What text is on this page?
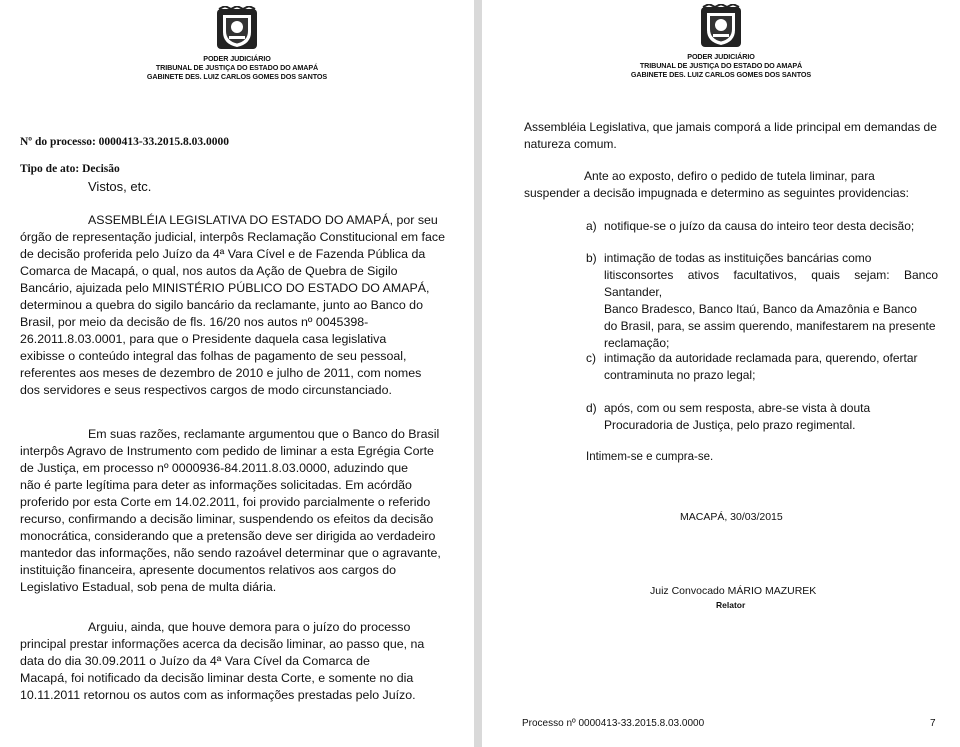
PODER JUDICIÁRIO
TRIBUNAL DE JUSTIÇA DO ESTADO DO AMAPÁ
GABINETE DES. LUIZ CARLOS GOMES DOS SANTOS
Nº do processo: 0000413-33.2015.8.03.0000
Tipo de ato: Decisão
Vistos, etc.
ASSEMBLÉIA LEGISLATIVA DO ESTADO DO AMAPÁ, por seu
órgão de representação judicial, interpôs Reclamação Constitucional em face
de decisão proferida pelo Juízo da 4ª Vara Cível e de Fazenda Pública da
Comarca de Macapá, o qual, nos autos da Ação de Quebra de Sigilo
Bancário, ajuizada pelo MINISTÉRIO PÚBLICO DO ESTADO DO AMAPÁ,
determinou a quebra do sigilo bancário da reclamante, junto ao Banco do
Brasil, por meio da decisão de fls. 16/20 nos autos nº 0045398-
26.2011.8.03.0001, para que o Presidente daquela casa legislativa
exibisse o conteúdo integral das folhas de pagamento de seu pessoal,
referentes aos meses de dezembro de 2010 e julho de 2011, com nomes
dos servidores e seus respectivos cargos de modo circunstanciado.
Em suas razões, reclamante argumentou que o Banco do Brasil
interpôs Agravo de Instrumento com pedido de liminar a esta Egrégia Corte
de Justiça, em processo nº 0000936-84.2011.8.03.0000, aduzindo que
não é parte legítima para deter as informações solicitadas. Em acórdão
proferido por esta Corte em 14.02.2011, foi provido parcialmente o referido
recurso, confirmando a decisão liminar, suspendendo os efeitos da decisão
monocrática, considerando que a pretensão deve ser dirigida ao verdadeiro
mantedor das informações, não sendo razoável determinar que o agravante,
instituição financeira, apresente documentos relativos aos cargos do
Legislativo Estadual, sob pena de multa diária.
Arguiu, ainda, que houve demora para o juízo do processo
principal prestar informações acerca da decisão liminar, ao passo que, na
data do dia 30.09.2011 o Juízo da 4ª Vara Cível da Comarca de
Macapá, foi notificado da decisão liminar desta Corte, e somente no dia
10.11.2011 retornou os autos com as informações prestadas pelo Juízo.
PODER JUDICIÁRIO
TRIBUNAL DE JUSTIÇA DO ESTADO DO AMAPÁ
GABINETE DES. LUIZ CARLOS GOMES DOS SANTOS
Assembléia Legislativa, que jamais comporá a lide principal em demandas de
natureza comum.
Ante ao exposto, defiro o pedido de tutela liminar, para
suspender a decisão impugnada e determino as seguintes providencias:
a) notifique-se o juízo da causa do inteiro teor desta decisão;
b) intimação de todas as instituições bancárias como
litisconsortes ativos facultativos, quais sejam: Banco Santander,
Banco Bradesco, Banco Itaú, Banco da Amazônia e Banco
do Brasil, para, se assim querendo, manifestarem na presente
reclamação;
c) intimação da autoridade reclamada para, querendo, ofertar
contraminuta no prazo legal;
d) após, com ou sem resposta, abre-se vista à douta
Procuradoria de Justiça, pelo prazo regimental.
Intimem-se e cumpra-se.
MACAPÁ, 30/03/2015
Juiz Convocado MÁRIO MAZUREK
Relator
Processo nº 0000413-33.2015.8.03.0000	7
